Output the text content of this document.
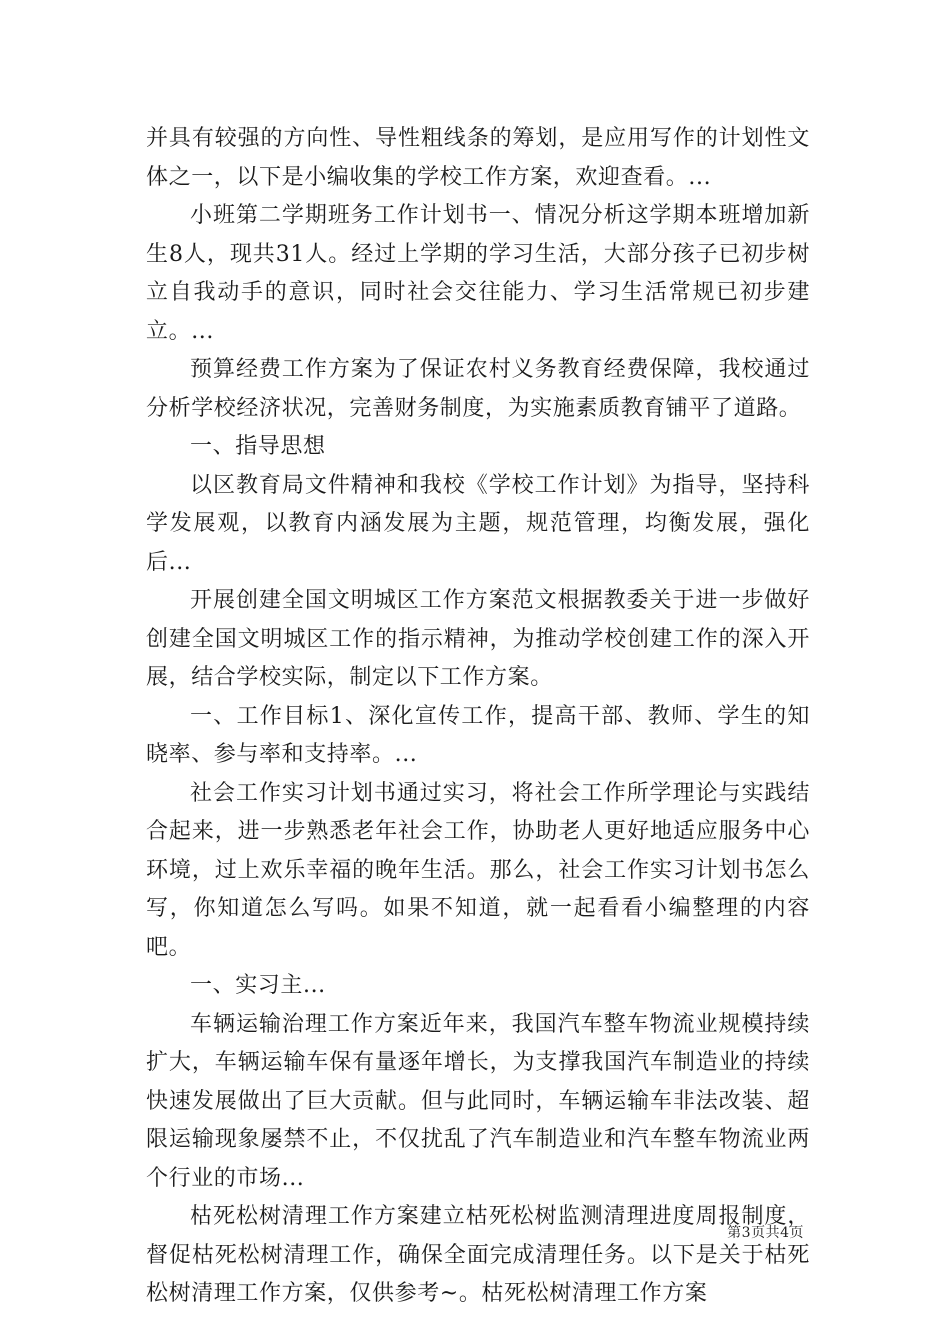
并具有较强的方向性、导性粗线条的筹划，是应用写作的计划性文体之一，以下是小编收集的学校工作方案，欢迎查看。...

小班第二学期班务工作计划书一、情况分析这学期本班增加新生8人，现共31人。经过上学期的学习生活，大部分孩子已初步树立自我动手的意识，同时社会交往能力、学习生活常规已初步建立。...

预算经费工作方案为了保证农村义务教育经费保障，我校通过分析学校经济状况，完善财务制度，为实施素质教育铺平了道路。

一、指导思想

以区教育局文件精神和我校《学校工作计划》为指导，坚持科学发展观，以教育内涵发展为主题，规范管理，均衡发展，强化后...

开展创建全国文明城区工作方案范文根据教委关于进一步做好创建全国文明城区工作的指示精神，为推动学校创建工作的深入开展，结合学校实际，制定以下工作方案。

一、工作目标1、深化宣传工作，提高干部、教师、学生的知晓率、参与率和支持率。...

社会工作实习计划书通过实习，将社会工作所学理论与实践结合起来，进一步熟悉老年社会工作，协助老人更好地适应服务中心环境，过上欢乐幸福的晚年生活。那么，社会工作实习计划书怎么写，你知道怎么写吗。如果不知道，就一起看看小编整理的内容吧。

一、实习主...

车辆运输治理工作方案近年来，我国汽车整车物流业规模持续扩大，车辆运输车保有量逐年增长，为支撑我国汽车制造业的持续快速发展做出了巨大贡献。但与此同时，车辆运输车非法改装、超限运输现象屡禁不止，不仅扰乱了汽车制造业和汽车整车物流业两个行业的市场...

枯死松树清理工作方案建立枯死松树监测清理进度周报制度，督促枯死松树清理工作，确保全面完成清理任务。以下是关于枯死松树清理工作方案，仅供参考~。枯死松树清理工作方案

第3页共4页
